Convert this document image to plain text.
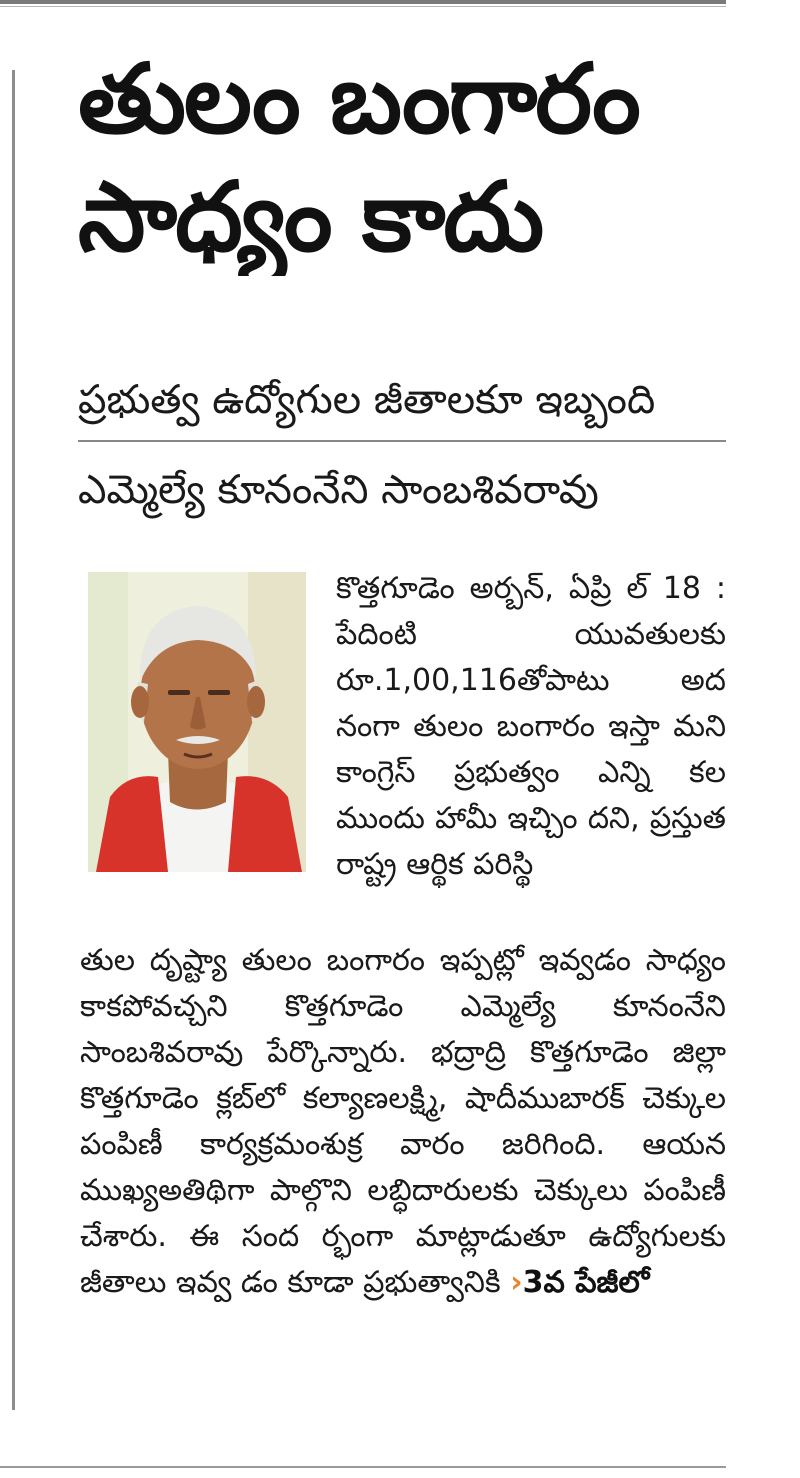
తులం బంగారం
సాధ్యం కాదు
ప్రభుత్వ ఉద్యోగుల జీతాలకూ ఇబ్బంది
ఎమ్మెల్యే కూనంనేని సాంబశివరావు
కొత్తగూడెం అర్బన్, ఏప్రి ల్ 18 : పేదింటి యువతులకు రూ.1,00,116తోపాటు అద నంగా తులం బంగారం ఇస్తా మని కాంగ్రెస్ ప్రభుత్వం ఎన్ని కల ముందు హామీ ఇచ్చిం దని, ప్రస్తుత రాష్ట్ర ఆర్థిక పరిస్థి
తుల దృష్ట్యా తులం బంగారం ఇప్పట్లో ఇవ్వడం సాధ్యం కాకపోవచ్చని కొత్తగూడెం ఎమ్మెల్యే కూనంనేని సాంబశివరావు పేర్కొన్నారు. భద్రాద్రి కొత్తగూడెం జిల్లా కొత్తగూడెం క్లబ్‌లో కల్యాణలక్ష్మి, షాదీముబారక్ చెక్కుల పంపిణీ కార్యక్రమంశుక్ర వారం జరిగింది. ఆయన ముఖ్యఅతిథిగా పాల్గొని లబ్ధిదారులకు చెక్కులు పంపిణీ చేశారు. ఈ సంద ర్భంగా మాట్లాడుతూ ఉద్యోగులకు జీతాలు ఇవ్వ డం కూడా ప్రభుత్వానికి ›3వ పేజీలో
